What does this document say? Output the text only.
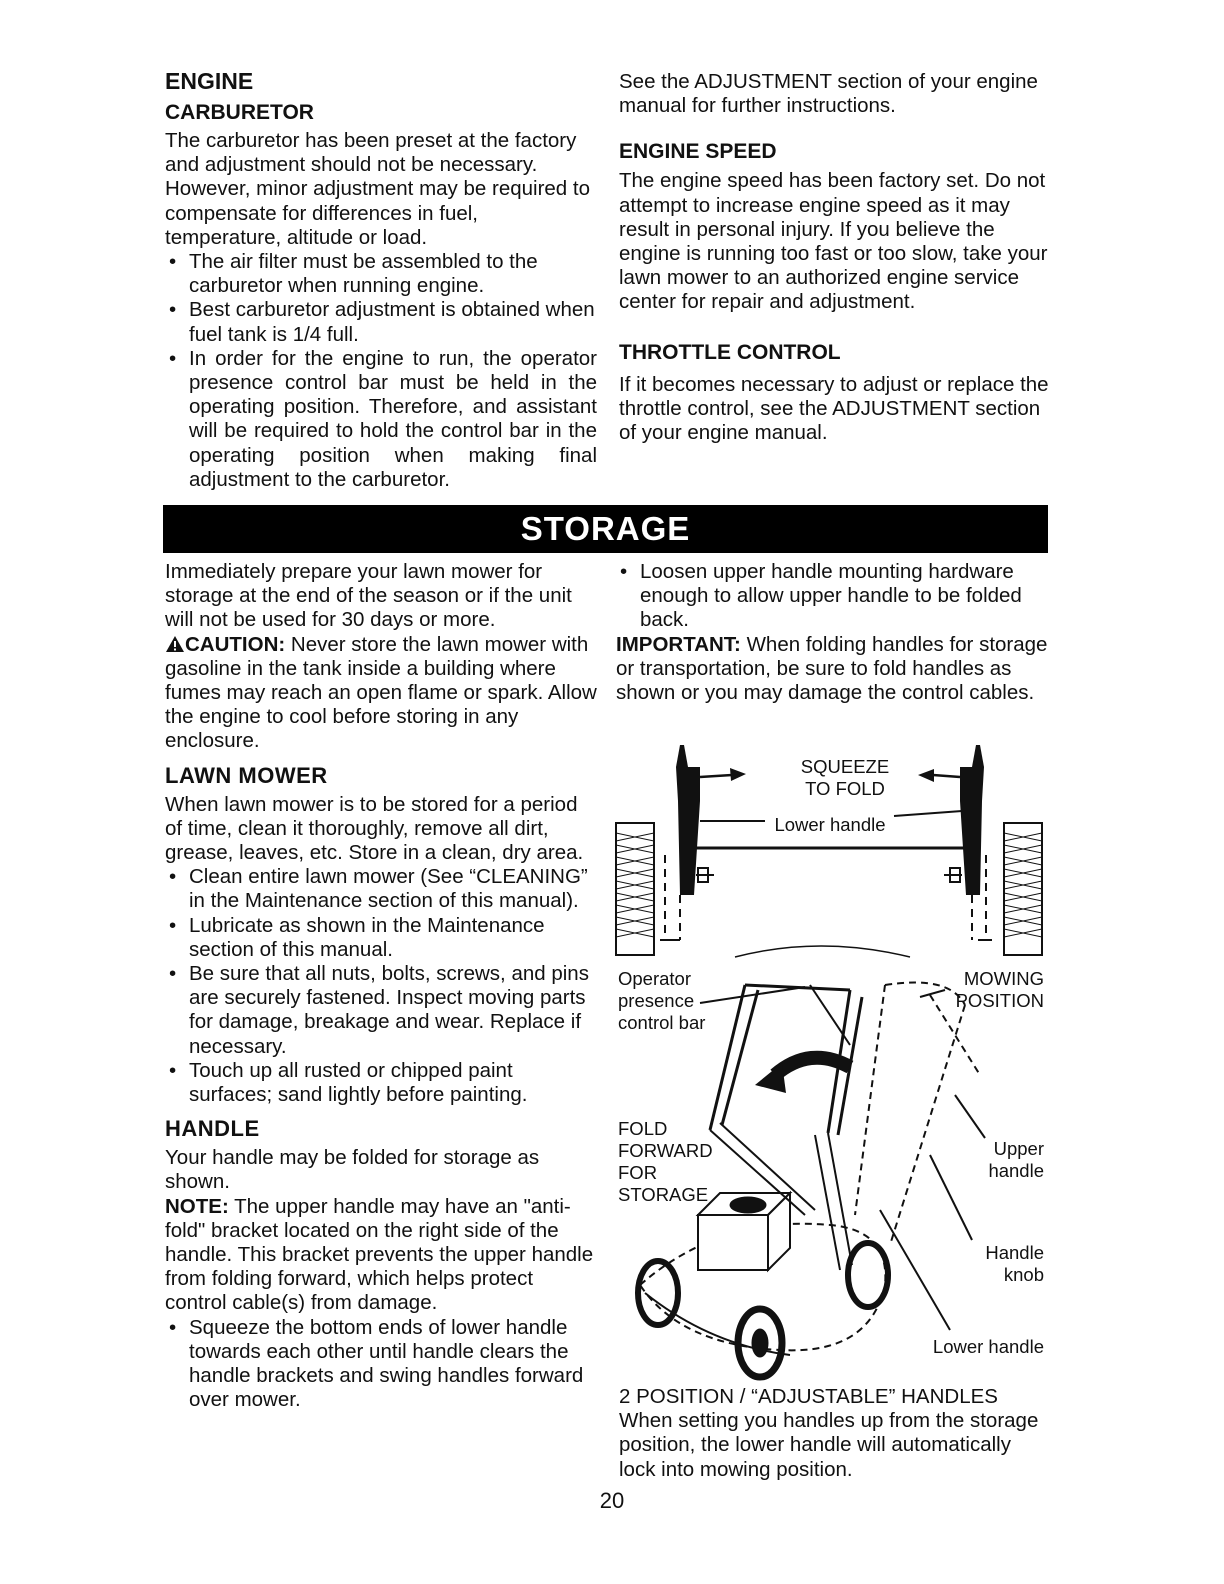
ENGINE
CARBURETOR

The carburetor has been preset at the factory and adjustment should not be necessary. However, minor adjustment may be required to compensate for differences in fuel, temperature, altitude or load.

• The air filter must be assembled to the carburetor when running engine.
• Best carburetor adjustment is obtained when fuel tank is 1/4 full.
• In order for the engine to run, the operator presence control bar must be held in the operating position. Therefore, and assistant will be required to hold the control bar in the operating position when making final adjustment to the carburetor.

See the ADJUSTMENT section of your engine manual for further instructions.

ENGINE SPEED

The engine speed has been factory set. Do not attempt to increase engine speed as it may result in personal injury. If you believe the engine is running too fast or too slow, take your lawn mower to an authorized engine service center for repair and adjustment.

THROTTLE CONTROL

If it becomes necessary to adjust or replace the throttle control, see the ADJUSTMENT section of your engine manual.

STORAGE

Immediately prepare your lawn mower for storage at the end of the season or if the unit will not be used for 30 days or more.

CAUTION: Never store the lawn mower with gasoline in the tank inside a building where fumes may reach an open flame or spark. Allow the engine to cool before storing in any enclosure.

LAWN MOWER

When lawn mower is to be stored for a period of time, clean it thoroughly, remove all dirt, grease, leaves, etc. Store in a clean, dry area.

• Clean entire lawn mower (See “CLEANING” in the Maintenance section of this manual).
• Lubricate as shown in the Maintenance section of this manual.
• Be sure that all nuts, bolts, screws, and pins are securely fastened. Inspect moving parts for damage, breakage and wear. Replace if necessary.
• Touch up all rusted or chipped paint surfaces; sand lightly before painting.
HANDLE

Your handle may be folded for storage as shown.

NOTE: The upper handle may have an "anti-fold" bracket located on the right side of the handle. This bracket prevents the upper handle from folding forward, which helps protect control cable(s) from damage.

• Squeeze the bottom ends of lower handle towards each other until handle clears the handle brackets and swing handles forward over mower.
• Loosen upper handle mounting hardware enough to allow upper handle to be folded back.

IMPORTANT: When folding handles for storage or transportation, be sure to fold handles as shown or you may damage the control cables.

SQUEEZE
TO FOLD
Lower handle
Operator
presence
control bar
MOWING
POSITION
FOLD
FORWARD
FOR
STORAGE
Upper
handle
Handle
knob
Lower handle

2 POSITION / “ADJUSTABLE” HANDLES

When setting you handles up from the storage position, the lower handle will automatically lock into mowing position.

20
